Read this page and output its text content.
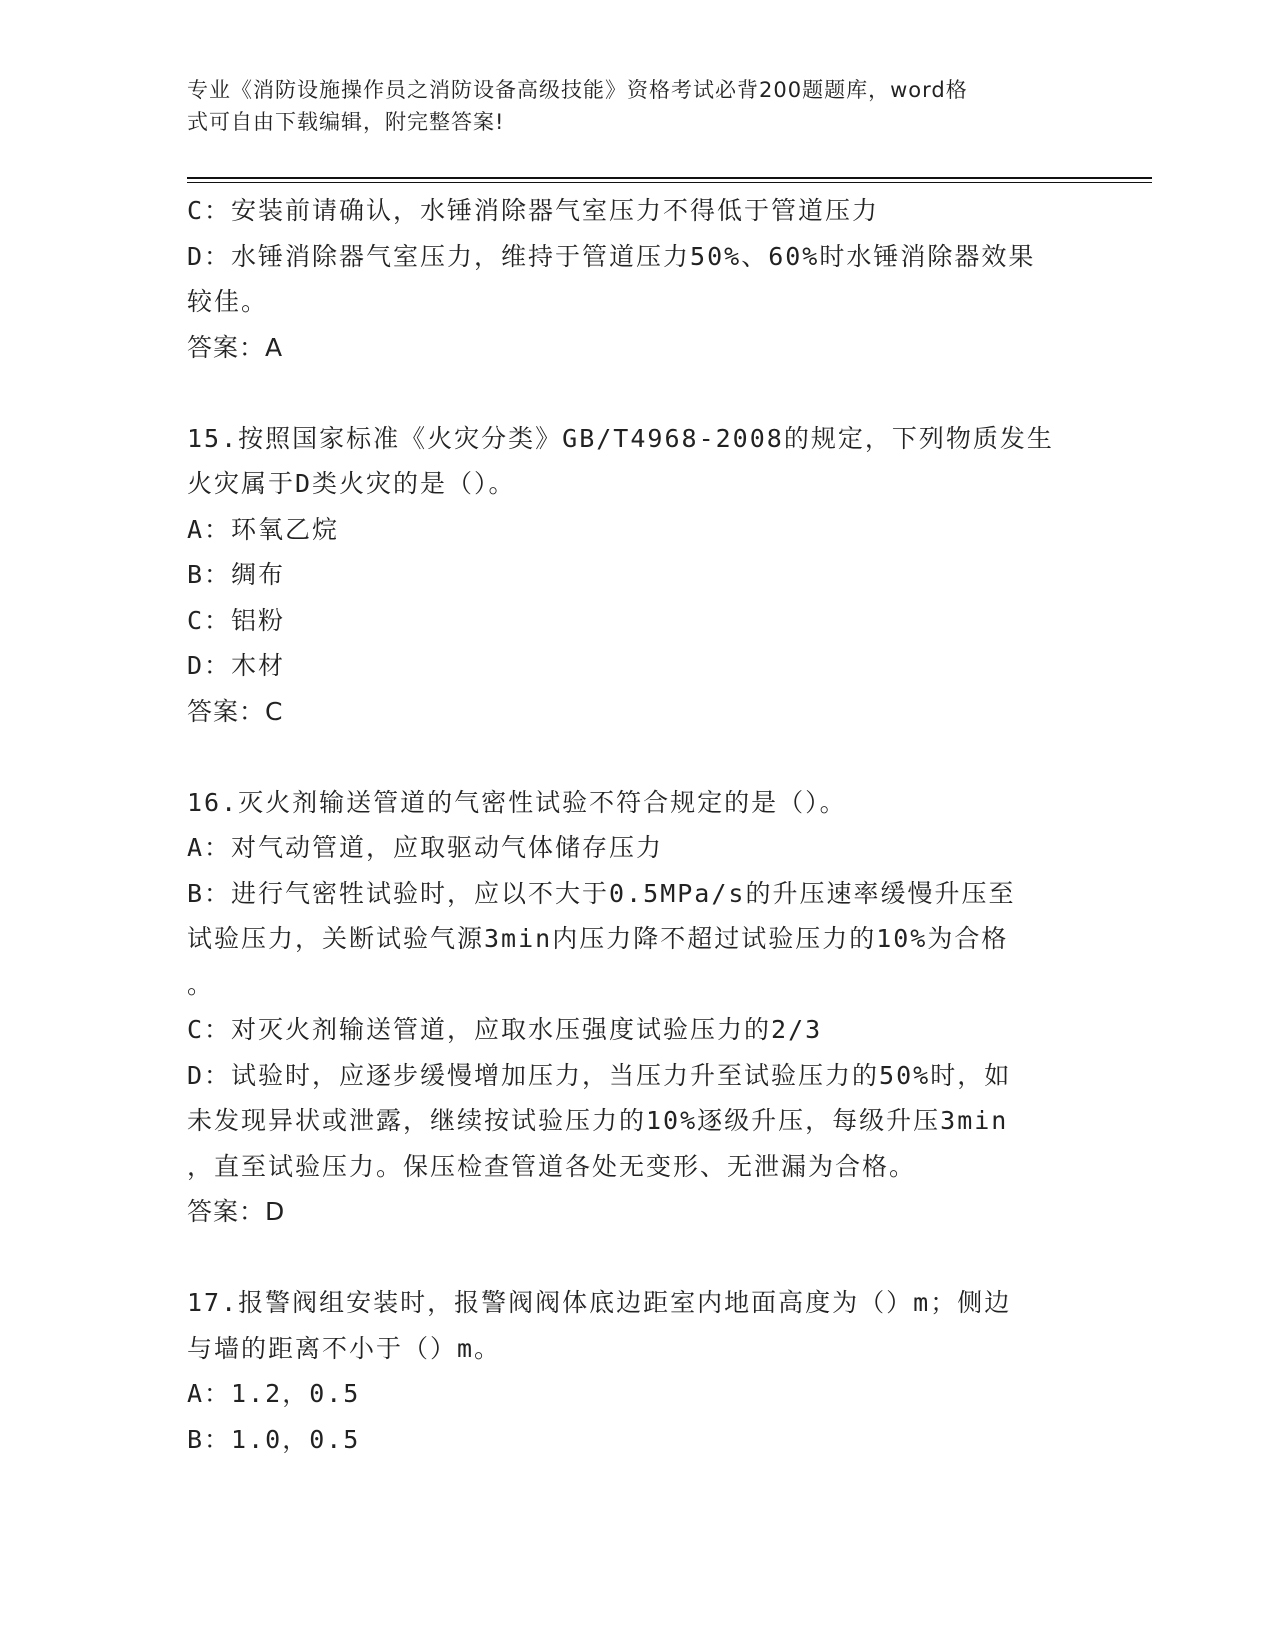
专业《消防设施操作员之消防设备高级技能》资格考试必背200题题库，word格
式可自由下载编辑，附完整答案!

C：安装前请确认，水锤消除器气室压力不得低于管道压力

D：水锤消除器气室压力，维持于管道压力50%、60%时水锤消除器效果

较佳。

答案：A

15.按照国家标准《火灾分类》GB/T4968-2008的规定，下列物质发生

火灾属于D类火灾的是（）。

A：环氧乙烷

B：绸布

C：铝粉

D：木材

答案：C

16.灭火剂输送管道的气密性试验不符合规定的是（）。

A：对气动管道，应取驱动气体储存压力

B：进行气密牲试验时，应以不大于0.5MPa/s的升压速率缓慢升压至

试验压力，关断试验气源3min内压力降不超过试验压力的10%为合格

。

C：对灭火剂输送管道，应取水压强度试验压力的2/3

D：试验时，应逐步缓慢增加压力，当压力升至试验压力的50%时，如

未发现异状或泄露，继续按试验压力的10%逐级升压，每级升压3min

，直至试验压力。保压检查管道各处无变形、无泄漏为合格。

答案：D

17.报警阀组安装时，报警阀阀体底边距室内地面高度为（）m；侧边

与墙的距离不小于（）m。

A：1.2，0.5

B：1.0，0.5
